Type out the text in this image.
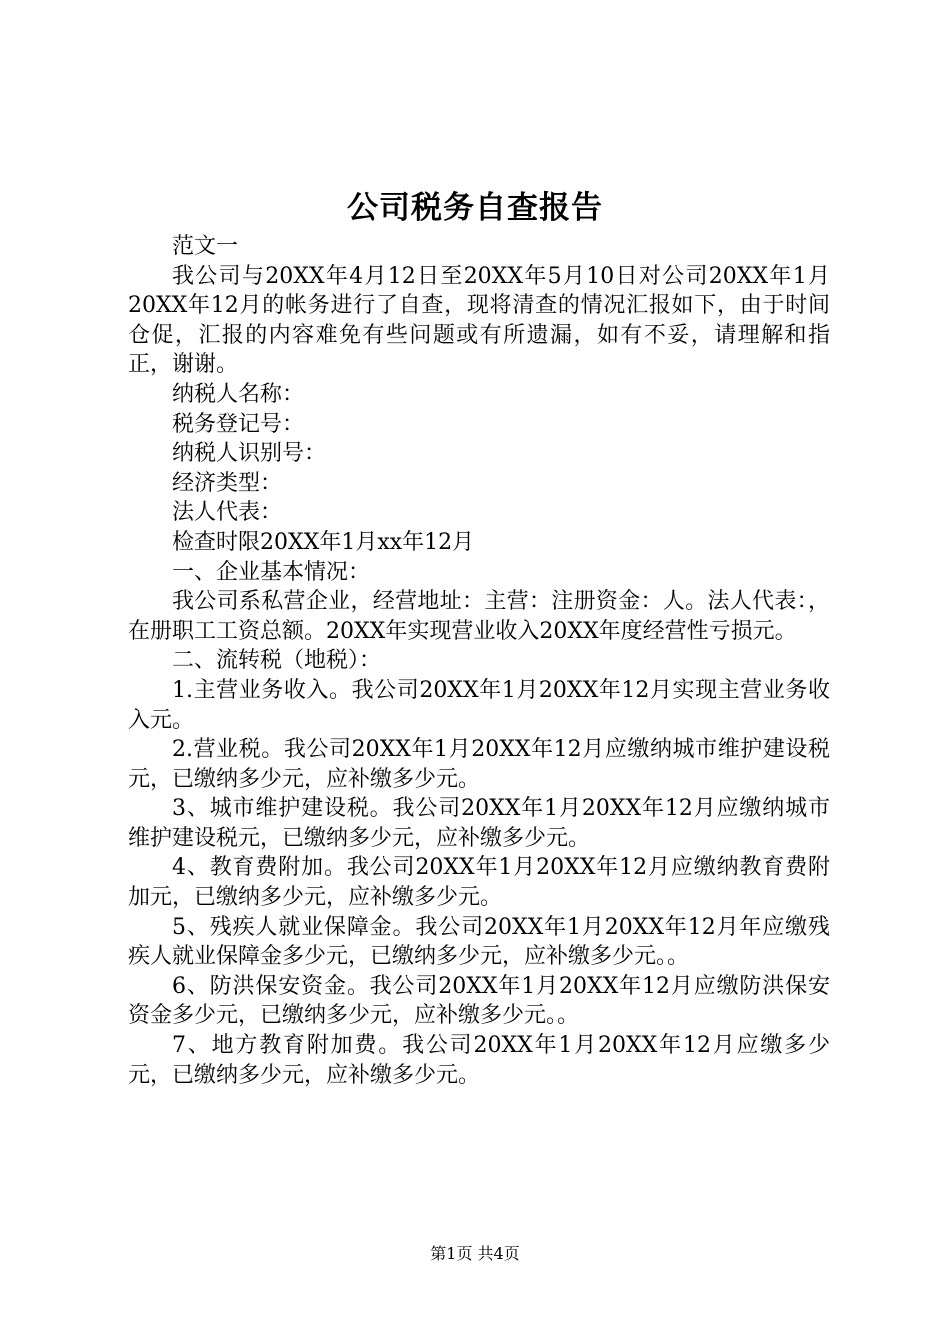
公司税务自查报告

范文一

我公司与20XX年4月12日至20XX年5月10日对公司20XX年1月20XX年12月的帐务进行了自查，现将清查的情况汇报如下，由于时间仓促，汇报的内容难免有些问题或有所遗漏，如有不妥，请理解和指正，谢谢。

纳税人名称：

税务登记号：

纳税人识别号：

经济类型：

法人代表：

检查时限20XX年1月xx年12月

一、企业基本情况：

我公司系私营企业，经营地址：主营：注册资金：人。法人代表：，在册职工工资总额。20XX年实现营业收入20XX年度经营性亏损元。

二、流转税（地税）：

1.主营业务收入。我公司20XX年1月20XX年12月实现主营业务收入元。

2.营业税。我公司20XX年1月20XX年12月应缴纳城市维护建设税元，已缴纳多少元，应补缴多少元。

3、城市维护建设税。我公司20XX年1月20XX年12月应缴纳城市维护建设税元，已缴纳多少元，应补缴多少元。

4、教育费附加。我公司20XX年1月20XX年12月应缴纳教育费附加元，已缴纳多少元，应补缴多少元。

5、残疾人就业保障金。我公司20XX年1月20XX年12月年应缴残疾人就业保障金多少元，已缴纳多少元，应补缴多少元。。

6、防洪保安资金。我公司20XX年1月20XX年12月应缴防洪保安资金多少元，已缴纳多少元，应补缴多少元。。

7、地方教育附加费。我公司20XX年1月20XX年12月应缴多少元，已缴纳多少元，应补缴多少元。

第1页 共4页
